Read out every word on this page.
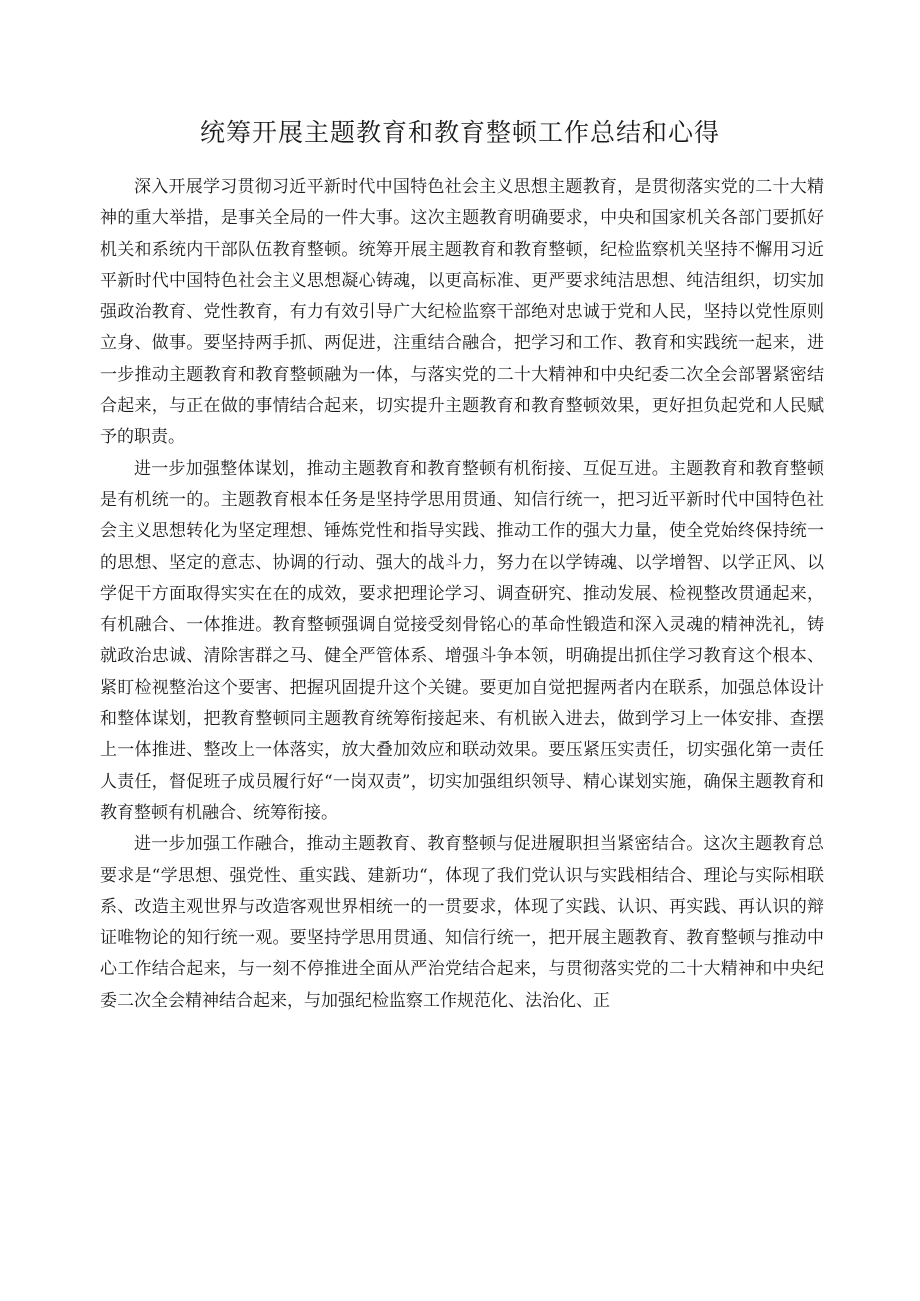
统筹开展主题教育和教育整顿工作总结和心得

深入开展学习贯彻习近平新时代中国特色社会主义思想主题教育，是贯彻落实党的二十大精神的重大举措，是事关全局的一件大事。这次主题教育明确要求，中央和国家机关各部门要抓好机关和系统内干部队伍教育整顿。统筹开展主题教育和教育整顿，纪检监察机关坚持不懈用习近平新时代中国特色社会主义思想凝心铸魂，以更高标准、更严要求纯洁思想、纯洁组织，切实加强政治教育、党性教育，有力有效引导广大纪检监察干部绝对忠诚于党和人民，坚持以党性原则立身、做事。要坚持两手抓、两促进，注重结合融合，把学习和工作、教育和实践统一起来，进一步推动主题教育和教育整顿融为一体，与落实党的二十大精神和中央纪委二次全会部署紧密结合起来，与正在做的事情结合起来，切实提升主题教育和教育整顿效果，更好担负起党和人民赋予的职责。

进一步加强整体谋划，推动主题教育和教育整顿有机衔接、互促互进。主题教育和教育整顿是有机统一的。主题教育根本任务是坚持学思用贯通、知信行统一，把习近平新时代中国特色社会主义思想转化为坚定理想、锤炼党性和指导实践、推动工作的强大力量，使全党始终保持统一的思想、坚定的意志、协调的行动、强大的战斗力，努力在以学铸魂、以学增智、以学正风、以学促干方面取得实实在在的成效，要求把理论学习、调查研究、推动发展、检视整改贯通起来，有机融合、一体推进。教育整顿强调自觉接受刻骨铭心的革命性锻造和深入灵魂的精神洗礼，铸就政治忠诚、清除害群之马、健全严管体系、增强斗争本领，明确提出抓住学习教育这个根本、紧盯检视整治这个要害、把握巩固提升这个关键。要更加自觉把握两者内在联系，加强总体设计和整体谋划，把教育整顿同主题教育统筹衔接起来、有机嵌入进去，做到学习上一体安排、查摆上一体推进、整改上一体落实，放大叠加效应和联动效果。要压紧压实责任，切实强化第一责任人责任，督促班子成员履行好“一岗双责”，切实加强组织领导、精心谋划实施，确保主题教育和教育整顿有机融合、统筹衔接。

进一步加强工作融合，推动主题教育、教育整顿与促进履职担当紧密结合。这次主题教育总要求是“学思想、强党性、重实践、建新功“，体现了我们党认识与实践相结合、理论与实际相联系、改造主观世界与改造客观世界相统一的一贯要求，体现了实践、认识、再实践、再认识的辩证唯物论的知行统一观。要坚持学思用贯通、知信行统一，把开展主题教育、教育整顿与推动中心工作结合起来，与一刻不停推进全面从严治党结合起来，与贯彻落实党的二十大精神和中央纪委二次全会精神结合起来，与加强纪检监察工作规范化、法治化、正
